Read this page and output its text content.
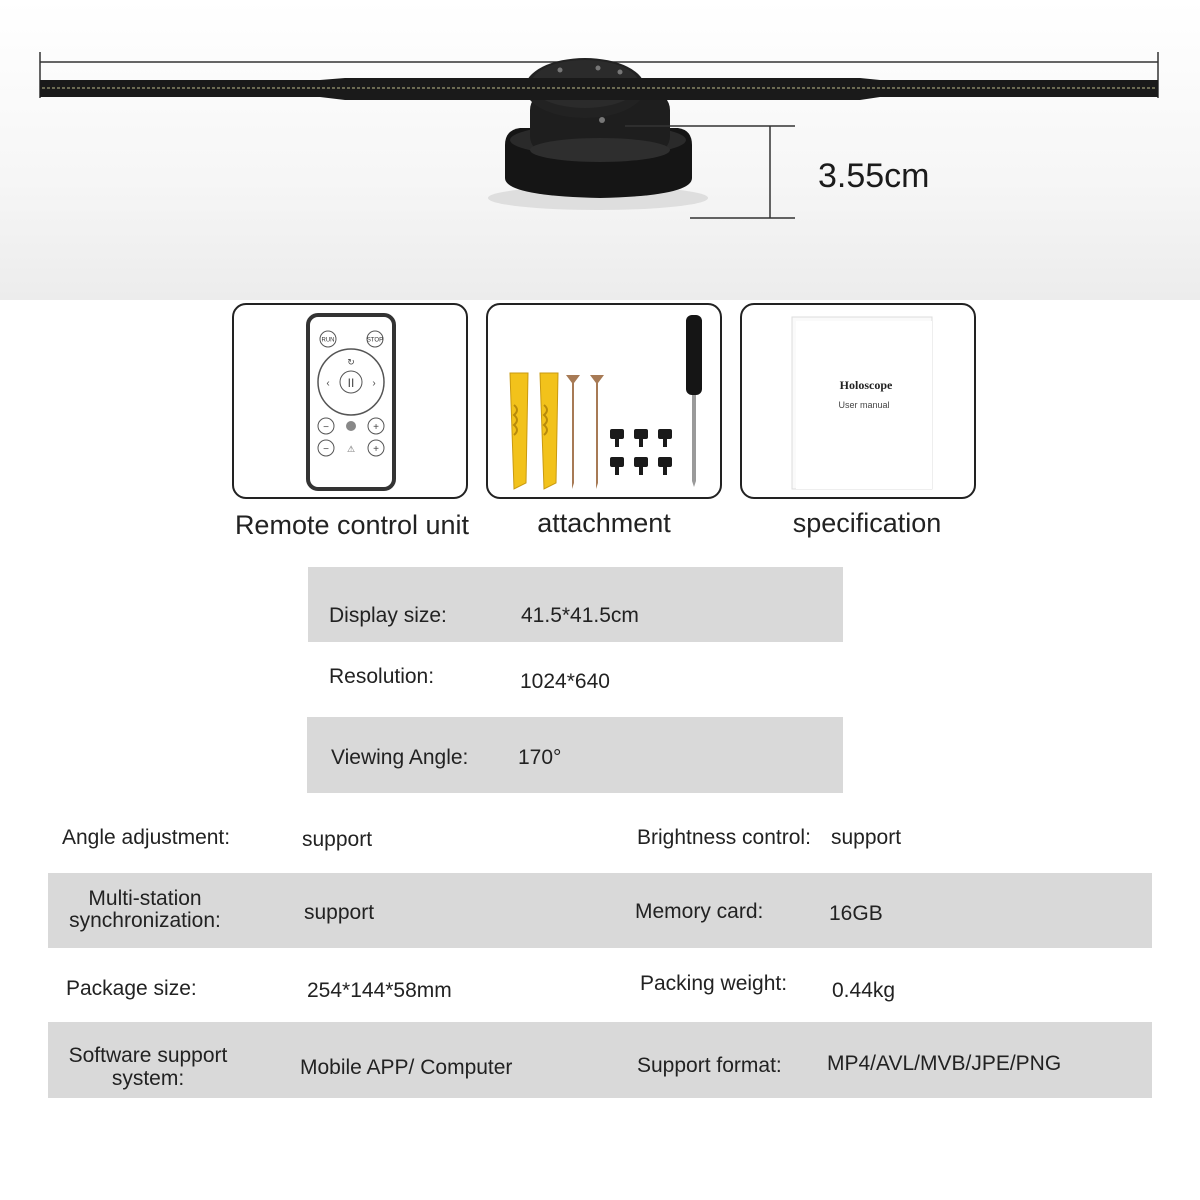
3.55cm
RUN	STOP
II
‹	›
↻
−	+
− ⚠ +
Holoscope
User manual
Remote control unit	attachment	specification
Display size:	41.5*41.5cm
Resolution:	1024*640
Viewing Angle: 170°
Angle adjustment:	support	Brightness control: support
Multi-station
synchronization:	support	Memory card:	16GB
Package size:	254*144*58mm	Packing weight: 0.44kg
Software support
system:	Mobile APP/ Computer	Support format: MP4/AVL/MVB/JPE/PNG
